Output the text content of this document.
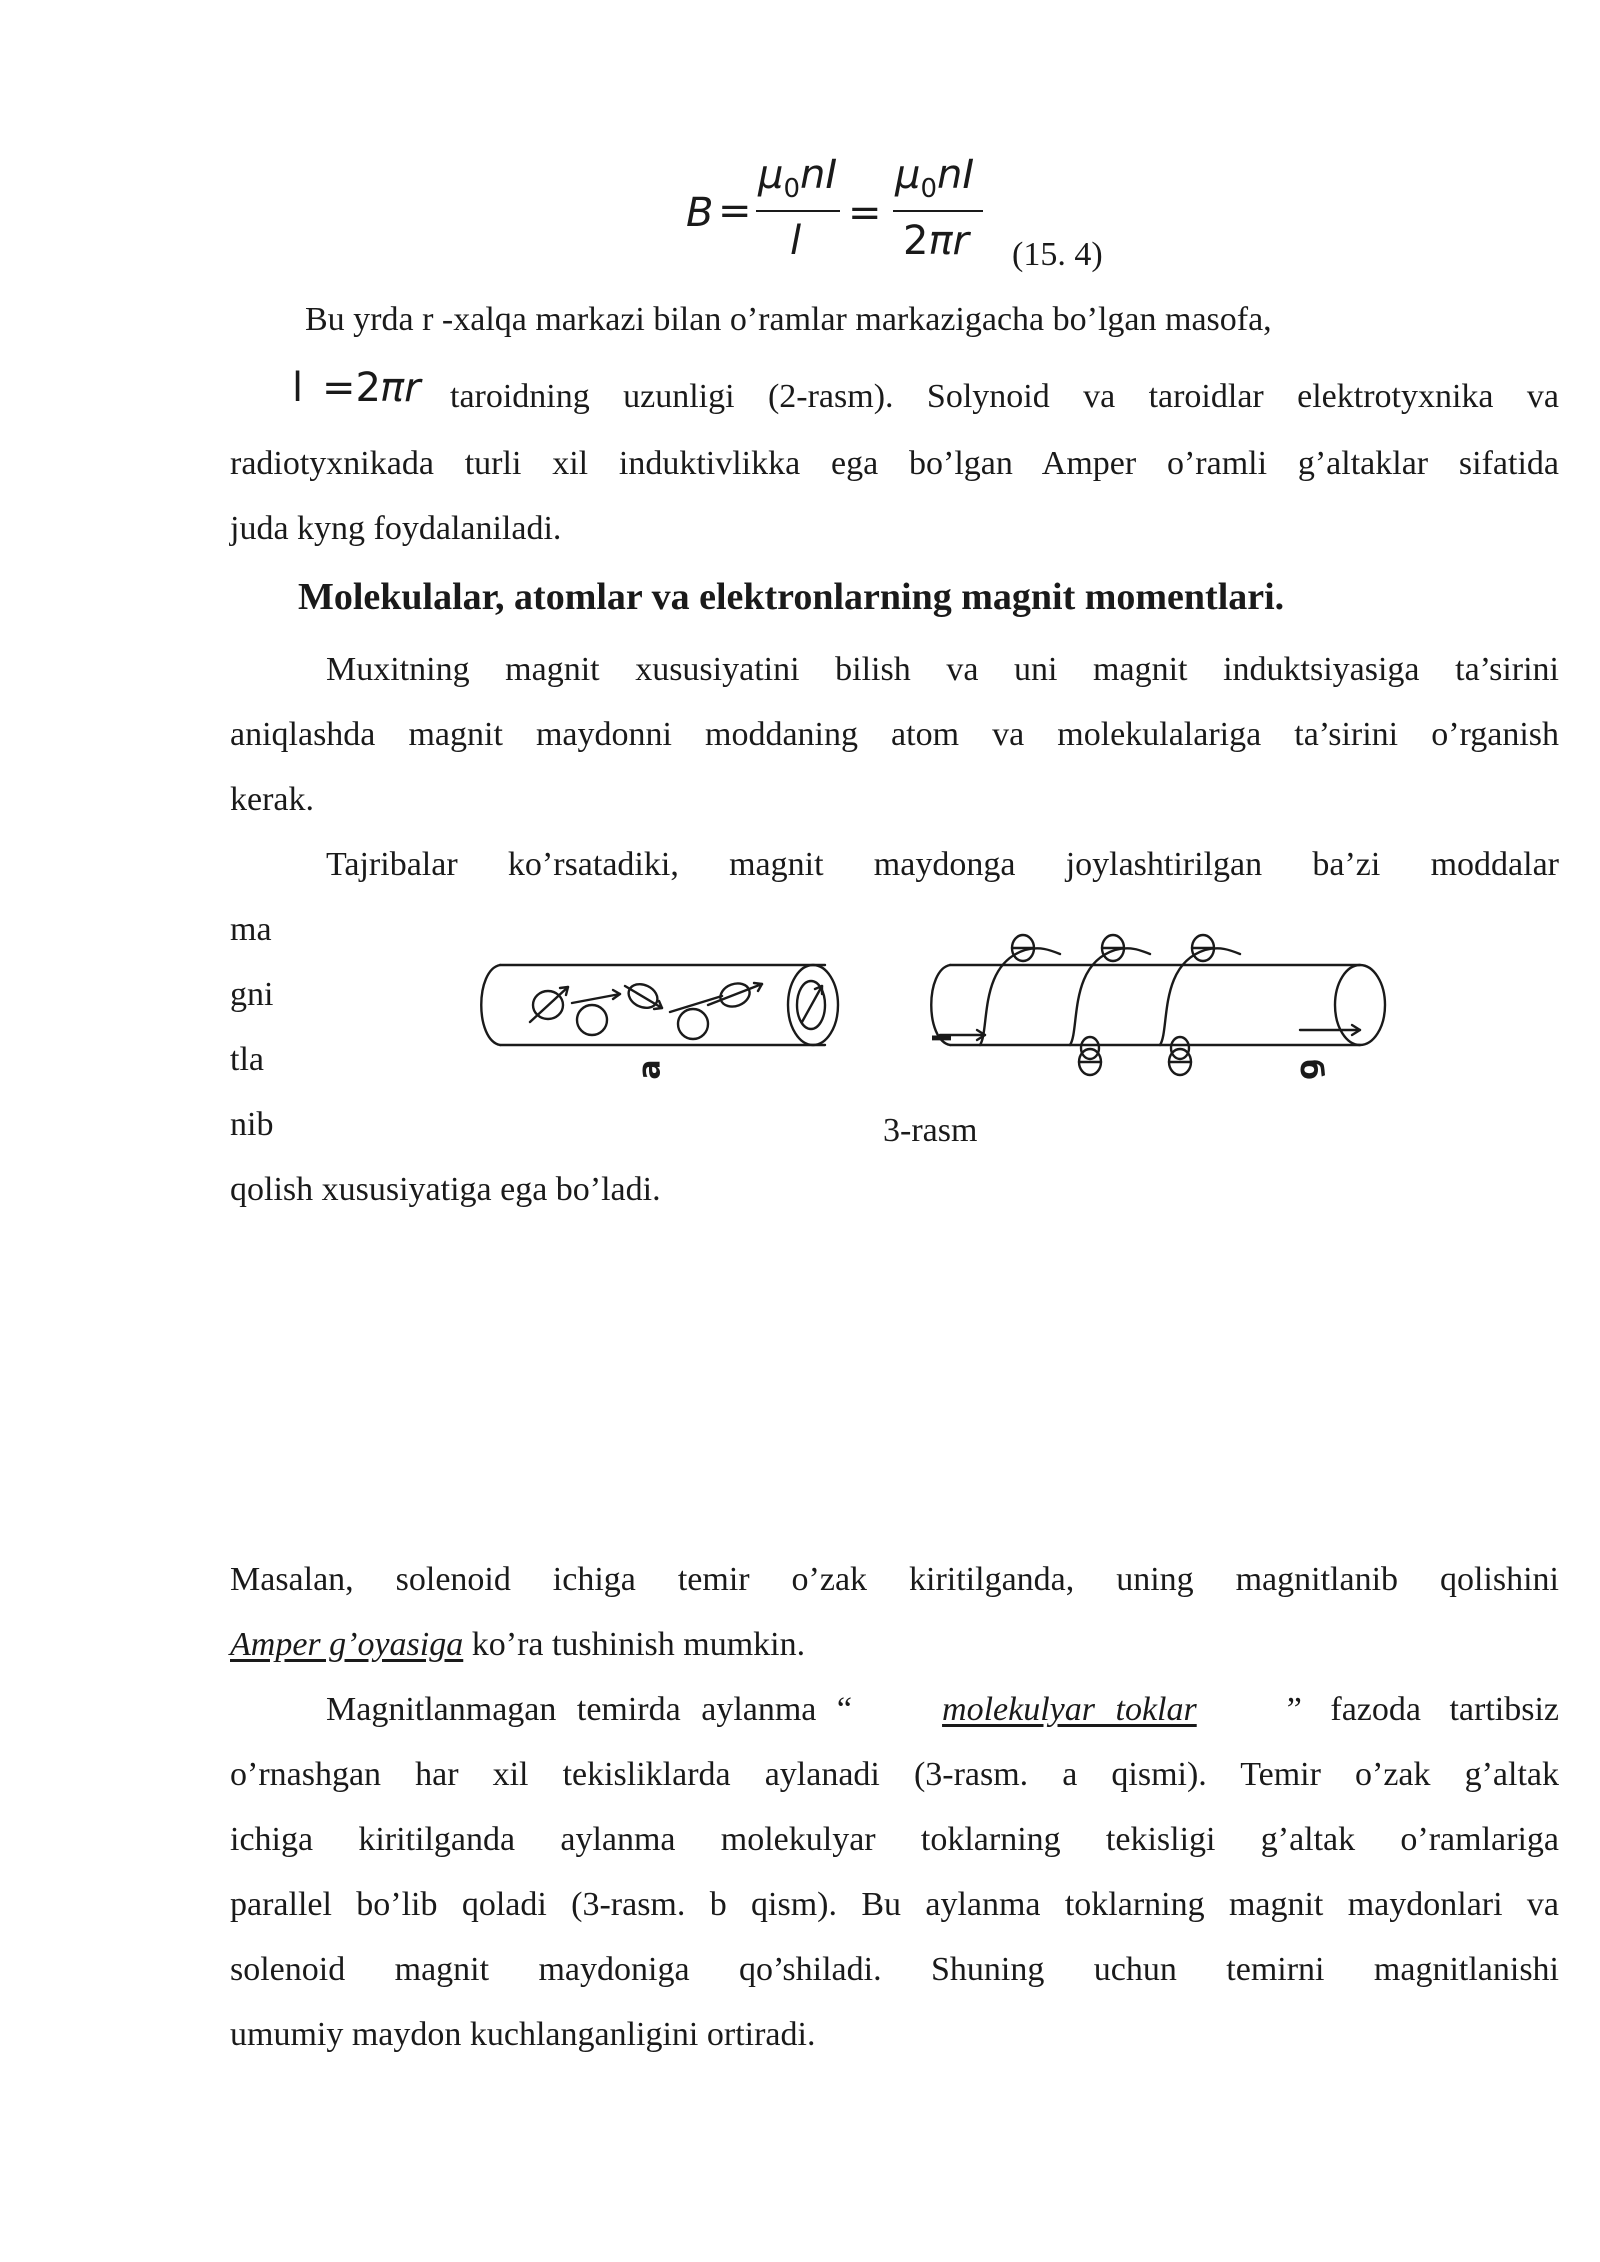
B =
$\mu_0nI$
l
=
$\mu_0nI$
2πr (15. 4)
Bu yrda r -xalqa markazi bilan o’ramlar markazigacha bo’lgan masofa,
l =2 πr taroidning uzunligi (2-rasm). Solynoid va taroidlar elektrotyxnika va
radiotyxnikada turli xil induktivlikka ega bo’lgan Amper o’ramli g’altaklar sifatida
juda kyng foydalaniladi.
Molekulalar, atomlar va elektronlarning magnit momentlari.
Muxitning magnit xususiyatini bilish va uni magnit induktsiyasiga ta’sirini
aniqlashda magnit maydonni moddaning atom va molekulalariga ta’sirini o’rganish
kerak.
Tajribalar ko’rsatadiki, magnit maydonga joylashtirilgan ba’zi moddalar
ma
gni
tla
nib
qolish xususiyatiga ega bo’ladi.
a	б
I
3-rasm
Masalan, solenoid ichiga temir o’zak kiritilganda, uning magnitlanib qolishini
Amper g’oyasiga ko’ra tushinish mumkin.
Magnitlanmagan temirda aylanma “	molekulyar toklar	” fazoda tartibsiz
o’rnashgan har xil tekisliklarda aylanadi (3-rasm. a qismi). Temir o’zak g’altak
ichiga kiritilganda aylanma molekulyar toklarning tekisligi g’altak o’ramlariga
parallel bo’lib qoladi (3-rasm. b qism). Bu aylanma toklarning magnit maydonlari va
solenoid magnit maydoniga qo’shiladi. Shuning uchun temirni magnitlanishi
umumiy maydon kuchlanganligini ortiradi.
